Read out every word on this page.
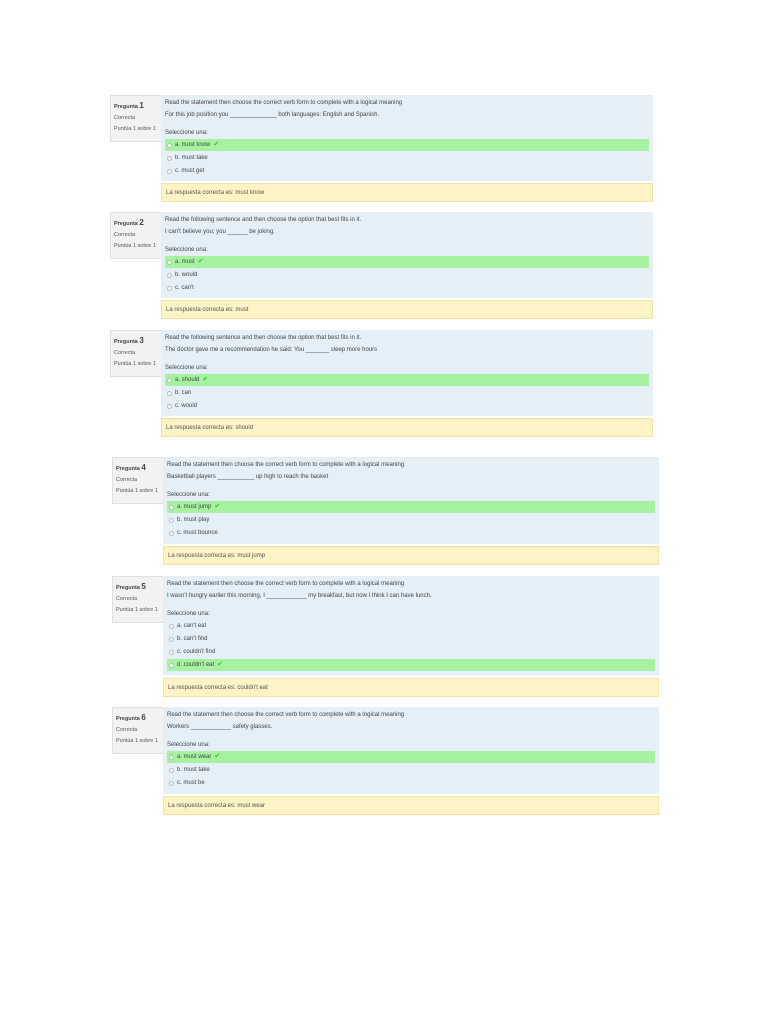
Pregunta 1
Correcta
Puntúa 1 sobre 1
Read the statement then choose the correct verb form to complete with a logical meaning
For this job position you ______________ both languages: English and Spanish.
Seleccione una:
a. must know ✔
b. must take
c. must get
La respuesta correcta es: must know
Pregunta 2
Correcta
Puntúa 1 sobre 1
Read the following sentence and then choose the option that best fits in it.
I can't believe you; you ______ be joking.
Seleccione una:
a. must ✔
b. would
c. can't
La respuesta correcta es: must
Pregunta 3
Correcta
Puntúa 1 sobre 1
Read the following sentence and then choose the option that best fits in it.
The doctor gave me a recommendation he said: You _______ sleep more hours
Seleccione una:
a. should ✔
b. can
c. would
La respuesta correcta es: should
Pregunta 4
Correcta
Puntúa 1 sobre 1
Read the statement then choose the correct verb form to complete with a logical meaning
Basketball players ___________ up high to reach the basket
Seleccione una:
a. must jump ✔
b. must play
c. must bounce
La respuesta correcta es: must jump
Pregunta 5
Correcta
Puntúa 1 sobre 1
Read the statement then choose the correct verb form to complete with a logical meaning
I wasn't hungry earlier this morning, I ____________ my breakfast, but now I think I can have lunch.
Seleccione una:
a. can't eat
b. can't find
c. couldn't find
d. couldn't eat ✔
La respuesta correcta es: couldn't eat
Pregunta 6
Correcta
Puntúa 1 sobre 1
Read the statement then choose the correct verb form to complete with a logical meaning
Workers ____________ safety glasses.
Seleccione una:
a. must wear ✔
b. must take
c. must be
La respuesta correcta es: must wear
